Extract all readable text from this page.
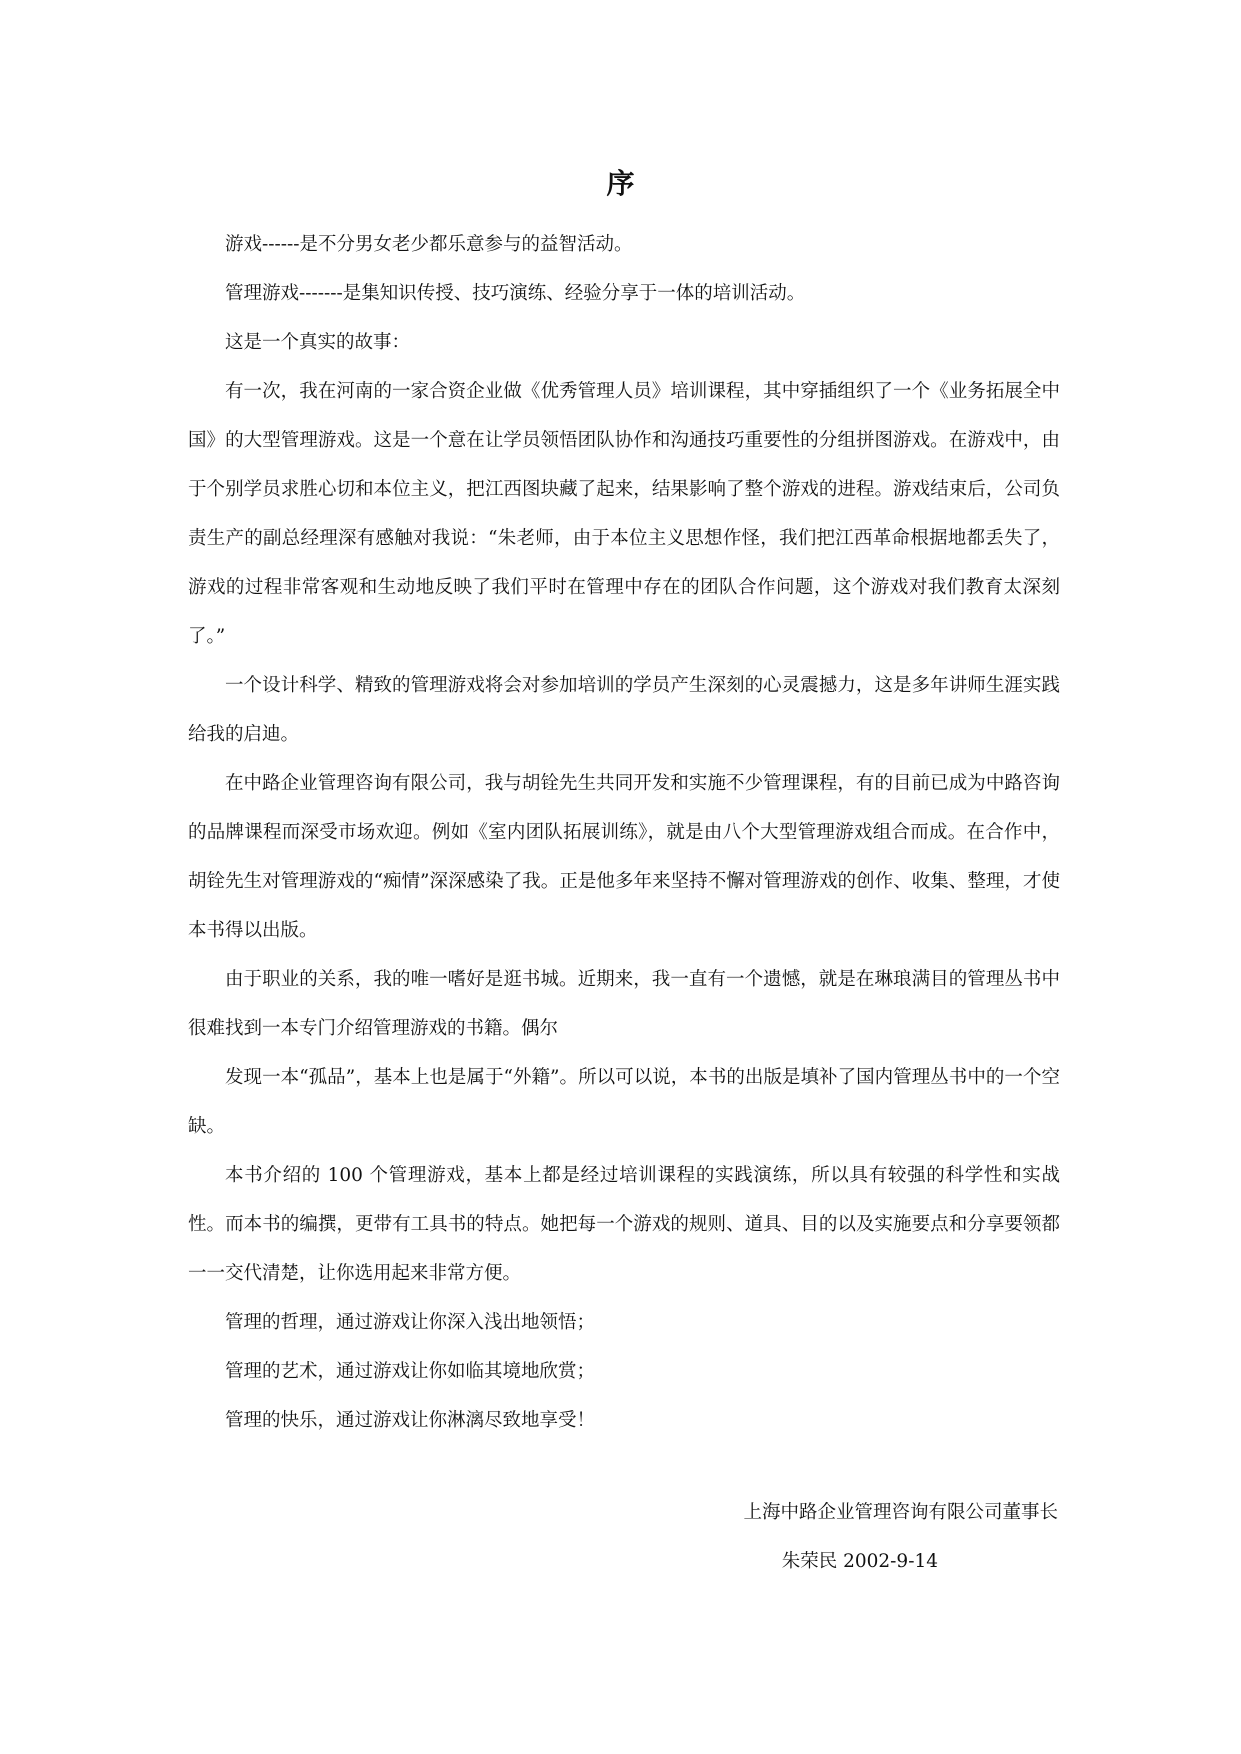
序

游戏------是不分男女老少都乐意参与的益智活动。

管理游戏-------是集知识传授、技巧演练、经验分享于一体的培训活动。

这是一个真实的故事：

有一次，我在河南的一家合资企业做《优秀管理人员》培训课程，其中穿插组织了一个《业务拓展全中国》的大型管理游戏。这是一个意在让学员领悟团队协作和沟通技巧重要性的分组拼图游戏。在游戏中，由于个别学员求胜心切和本位主义，把江西图块藏了起来，结果影响了整个游戏的进程。游戏结束后，公司负责生产的副总经理深有感触对我说：“朱老师，由于本位主义思想作怪，我们把江西革命根据地都丢失了，游戏的过程非常客观和生动地反映了我们平时在管理中存在的团队合作问题，这个游戏对我们教育太深刻了。”

一个设计科学、精致的管理游戏将会对参加培训的学员产生深刻的心灵震撼力，这是多年讲师生涯实践给我的启迪。

在中路企业管理咨询有限公司，我与胡铨先生共同开发和实施不少管理课程，有的目前已成为中路咨询的品牌课程而深受市场欢迎。例如《室内团队拓展训练》，就是由八个大型管理游戏组合而成。在合作中，胡铨先生对管理游戏的“痴情”深深感染了我。正是他多年来坚持不懈对管理游戏的创作、收集、整理，才使本书得以出版。

由于职业的关系，我的唯一嗜好是逛书城。近期来，我一直有一个遗憾，就是在琳琅满目的管理丛书中很难找到一本专门介绍管理游戏的书籍。偶尔

发现一本“孤品”，基本上也是属于“外籍”。所以可以说，本书的出版是填补了国内管理丛书中的一个空缺。

本书介绍的 100 个管理游戏，基本上都是经过培训课程的实践演练，所以具有较强的科学性和实战性。而本书的编撰，更带有工具书的特点。她把每一个游戏的规则、道具、目的以及实施要点和分享要领都一一交代清楚，让你选用起来非常方便。

管理的哲理，通过游戏让你深入浅出地领悟；

管理的艺术，通过游戏让你如临其境地欣赏；

管理的快乐，通过游戏让你淋漓尽致地享受！

上海中路企业管理咨询有限公司董事长

朱荣民 2002-9-14
